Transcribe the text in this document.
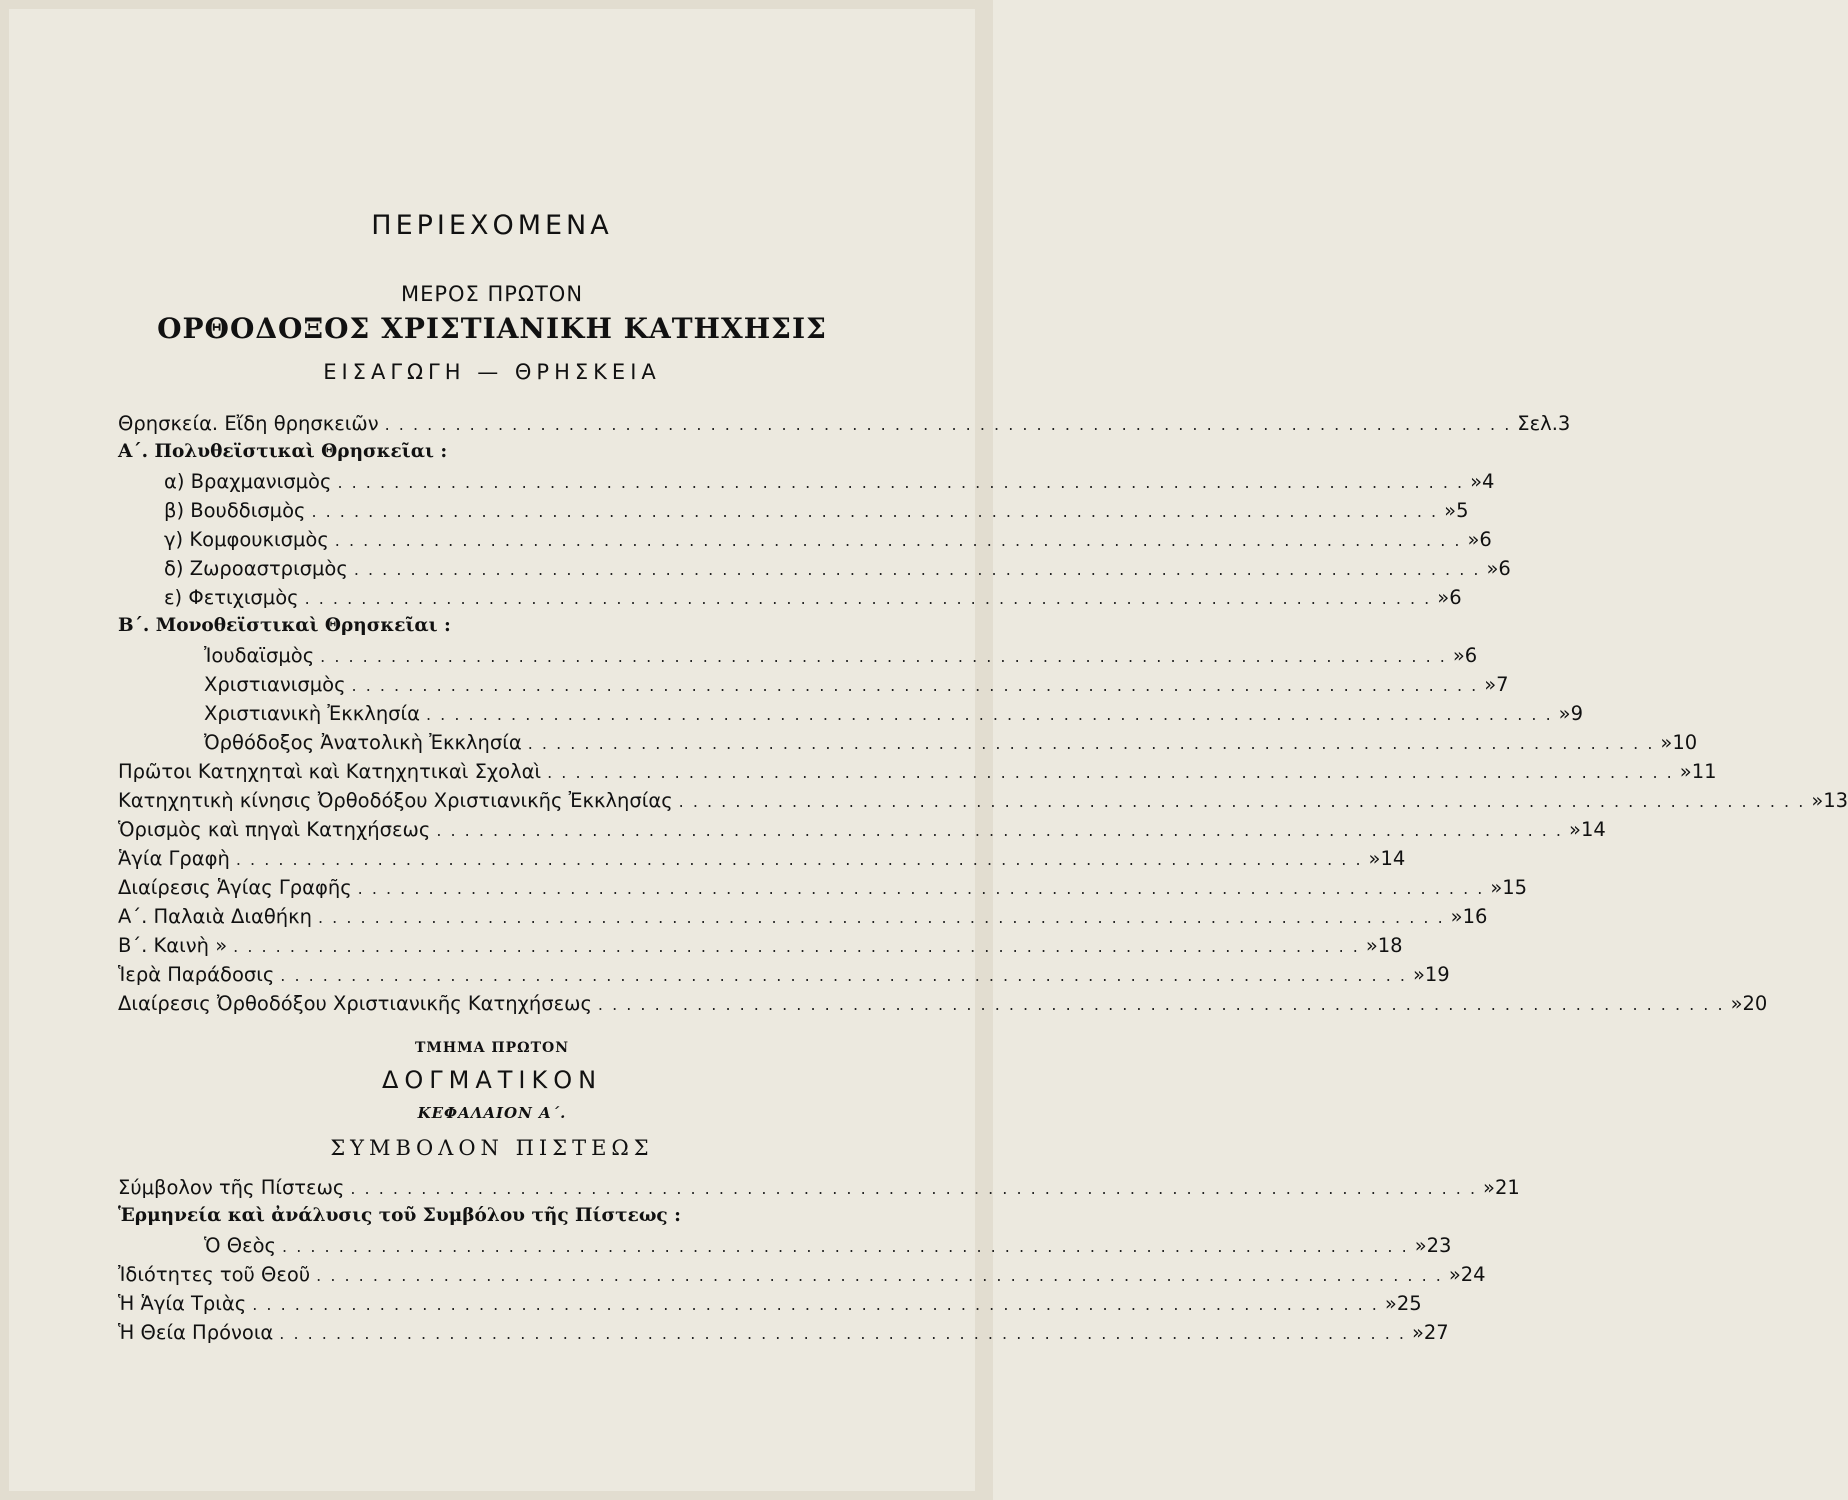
ΠΕΡΙΕΧΟΜΕΝΑ
ΜΕΡΟΣ ΠΡΩΤΟΝ
ΟΡΘΟΔΟΞΟΣ ΧΡΙΣΤΙΑΝΙΚΗ ΚΑΤΗΧΗΣΙΣ
ΕΙΣΑΓΩΓΗ — ΘΡΗΣΚΕΙΑ
Θρησκεία. Εἴδη θρησκειῶν . . . . . . . . . . . . . . . . . . . . . . . . . . . . . . . . . . . . . . . . . . . . . . . . . . . . . . . . . . . . . . . . . . . . . . . . . . . . . . . . Σελ. 3
Α΄. Πολυθεϊστικαὶ Θρησκεῖαι :
α) Βραχμανισμὸς . . . . . . . . . . . . . . . . . . . . . . . . . . . . . . . . . . . . . . . . . . . . . . . . . . . . . . . . . . . . . . . . . . . . . . . . . . . . . . . . » 4
β) Βουδδισμὸς . . . . . . . . . . . . . . . . . . . . . . . . . . . . . . . . . . . . . . . . . . . . . . . . . . . . . . . . . . . . . . . . . . . . . . . . . . . . . . . . » 5
γ) Κομφουκισμὸς . . . . . . . . . . . . . . . . . . . . . . . . . . . . . . . . . . . . . . . . . . . . . . . . . . . . . . . . . . . . . . . . . . . . . . . . . . . . . . . . » 6
δ) Ζωροαστρισμὸς . . . . . . . . . . . . . . . . . . . . . . . . . . . . . . . . . . . . . . . . . . . . . . . . . . . . . . . . . . . . . . . . . . . . . . . . . . . . . . . . » 6
ε) Φετιχισμὸς . . . . . . . . . . . . . . . . . . . . . . . . . . . . . . . . . . . . . . . . . . . . . . . . . . . . . . . . . . . . . . . . . . . . . . . . . . . . . . . . » 6
Β΄. Μονοθεϊστικαὶ Θρησκεῖαι :
Ἰουδαϊσμὸς . . . . . . . . . . . . . . . . . . . . . . . . . . . . . . . . . . . . . . . . . . . . . . . . . . . . . . . . . . . . . . . . . . . . . . . . . . . . . . . . » 6
Χριστιανισμὸς . . . . . . . . . . . . . . . . . . . . . . . . . . . . . . . . . . . . . . . . . . . . . . . . . . . . . . . . . . . . . . . . . . . . . . . . . . . . . . . . » 7
Χριστιανικὴ Ἐκκλησία . . . . . . . . . . . . . . . . . . . . . . . . . . . . . . . . . . . . . . . . . . . . . . . . . . . . . . . . . . . . . . . . . . . . . . . . . . . . . . . . » 9
Ὀρθόδοξος Ἀνατολικὴ Ἐκκλησία . . . . . . . . . . . . . . . . . . . . . . . . . . . . . . . . . . . . . . . . . . . . . . . . . . . . . . . . . . . . . . . . . . . . . . . . . . . . . . . . » 10
Πρῶτοι Κατηχηταὶ καὶ Κατηχητικαὶ Σχολαὶ . . . . . . . . . . . . . . . . . . . . . . . . . . . . . . . . . . . . . . . . . . . . . . . . . . . . . . . . . . . . . . . . . . . . . . . . . . . . . . . . » 11
Κατηχητικὴ κίνησις Ὀρθοδόξου Χριστιανικῆς Ἐκκλησίας . . . . . . . . . . . . . . . . . . . . . . . . . . . . . . . . . . . . . . . . . . . . . . . . . . . . . . . . . . . . . . . . . . . . . . . . . . . . . . . . » 13
Ὁρισμὸς καὶ πηγαὶ Κατηχήσεως . . . . . . . . . . . . . . . . . . . . . . . . . . . . . . . . . . . . . . . . . . . . . . . . . . . . . . . . . . . . . . . . . . . . . . . . . . . . . . . . » 14
Ἁγία Γραφὴ . . . . . . . . . . . . . . . . . . . . . . . . . . . . . . . . . . . . . . . . . . . . . . . . . . . . . . . . . . . . . . . . . . . . . . . . . . . . . . . . » 14
Διαίρεσις Ἁγίας Γραφῆς . . . . . . . . . . . . . . . . . . . . . . . . . . . . . . . . . . . . . . . . . . . . . . . . . . . . . . . . . . . . . . . . . . . . . . . . . . . . . . . . » 15
Α΄. Παλαιὰ Διαθήκη . . . . . . . . . . . . . . . . . . . . . . . . . . . . . . . . . . . . . . . . . . . . . . . . . . . . . . . . . . . . . . . . . . . . . . . . . . . . . . . . » 16
Β΄. Καινὴ » . . . . . . . . . . . . . . . . . . . . . . . . . . . . . . . . . . . . . . . . . . . . . . . . . . . . . . . . . . . . . . . . . . . . . . . . . . . . . . . . » 18
Ἱερὰ Παράδοσις . . . . . . . . . . . . . . . . . . . . . . . . . . . . . . . . . . . . . . . . . . . . . . . . . . . . . . . . . . . . . . . . . . . . . . . . . . . . . . . . » 19
Διαίρεσις Ὀρθοδόξου Χριστιανικῆς Κατηχήσεως . . . . . . . . . . . . . . . . . . . . . . . . . . . . . . . . . . . . . . . . . . . . . . . . . . . . . . . . . . . . . . . . . . . . . . . . . . . . . . . . » 20
ΤΜΗΜΑ ΠΡΩΤΟΝ
ΔΟΓΜΑΤΙΚΟΝ
ΚΕΦΑΛΑΙΟΝ Α΄.
ΣΥΜΒΟΛΟΝ ΠΙΣΤΕΩΣ
Σύμβολον τῆς Πίστεως . . . . . . . . . . . . . . . . . . . . . . . . . . . . . . . . . . . . . . . . . . . . . . . . . . . . . . . . . . . . . . . . . . . . . . . . . . . . . . . . » 21
Ἑρμηνεία καὶ ἀνάλυσις τοῦ Συμβόλου τῆς Πίστεως :
Ὁ Θεὸς . . . . . . . . . . . . . . . . . . . . . . . . . . . . . . . . . . . . . . . . . . . . . . . . . . . . . . . . . . . . . . . . . . . . . . . . . . . . . . . . » 23
Ἰδιότητες τοῦ Θεοῦ . . . . . . . . . . . . . . . . . . . . . . . . . . . . . . . . . . . . . . . . . . . . . . . . . . . . . . . . . . . . . . . . . . . . . . . . . . . . . . . . » 24
Ἡ Ἁγία Τριὰς . . . . . . . . . . . . . . . . . . . . . . . . . . . . . . . . . . . . . . . . . . . . . . . . . . . . . . . . . . . . . . . . . . . . . . . . . . . . . . . . » 25
Ἡ Θεία Πρόνοια . . . . . . . . . . . . . . . . . . . . . . . . . . . . . . . . . . . . . . . . . . . . . . . . . . . . . . . . . . . . . . . . . . . . . . . . . . . . . . . . » 27
